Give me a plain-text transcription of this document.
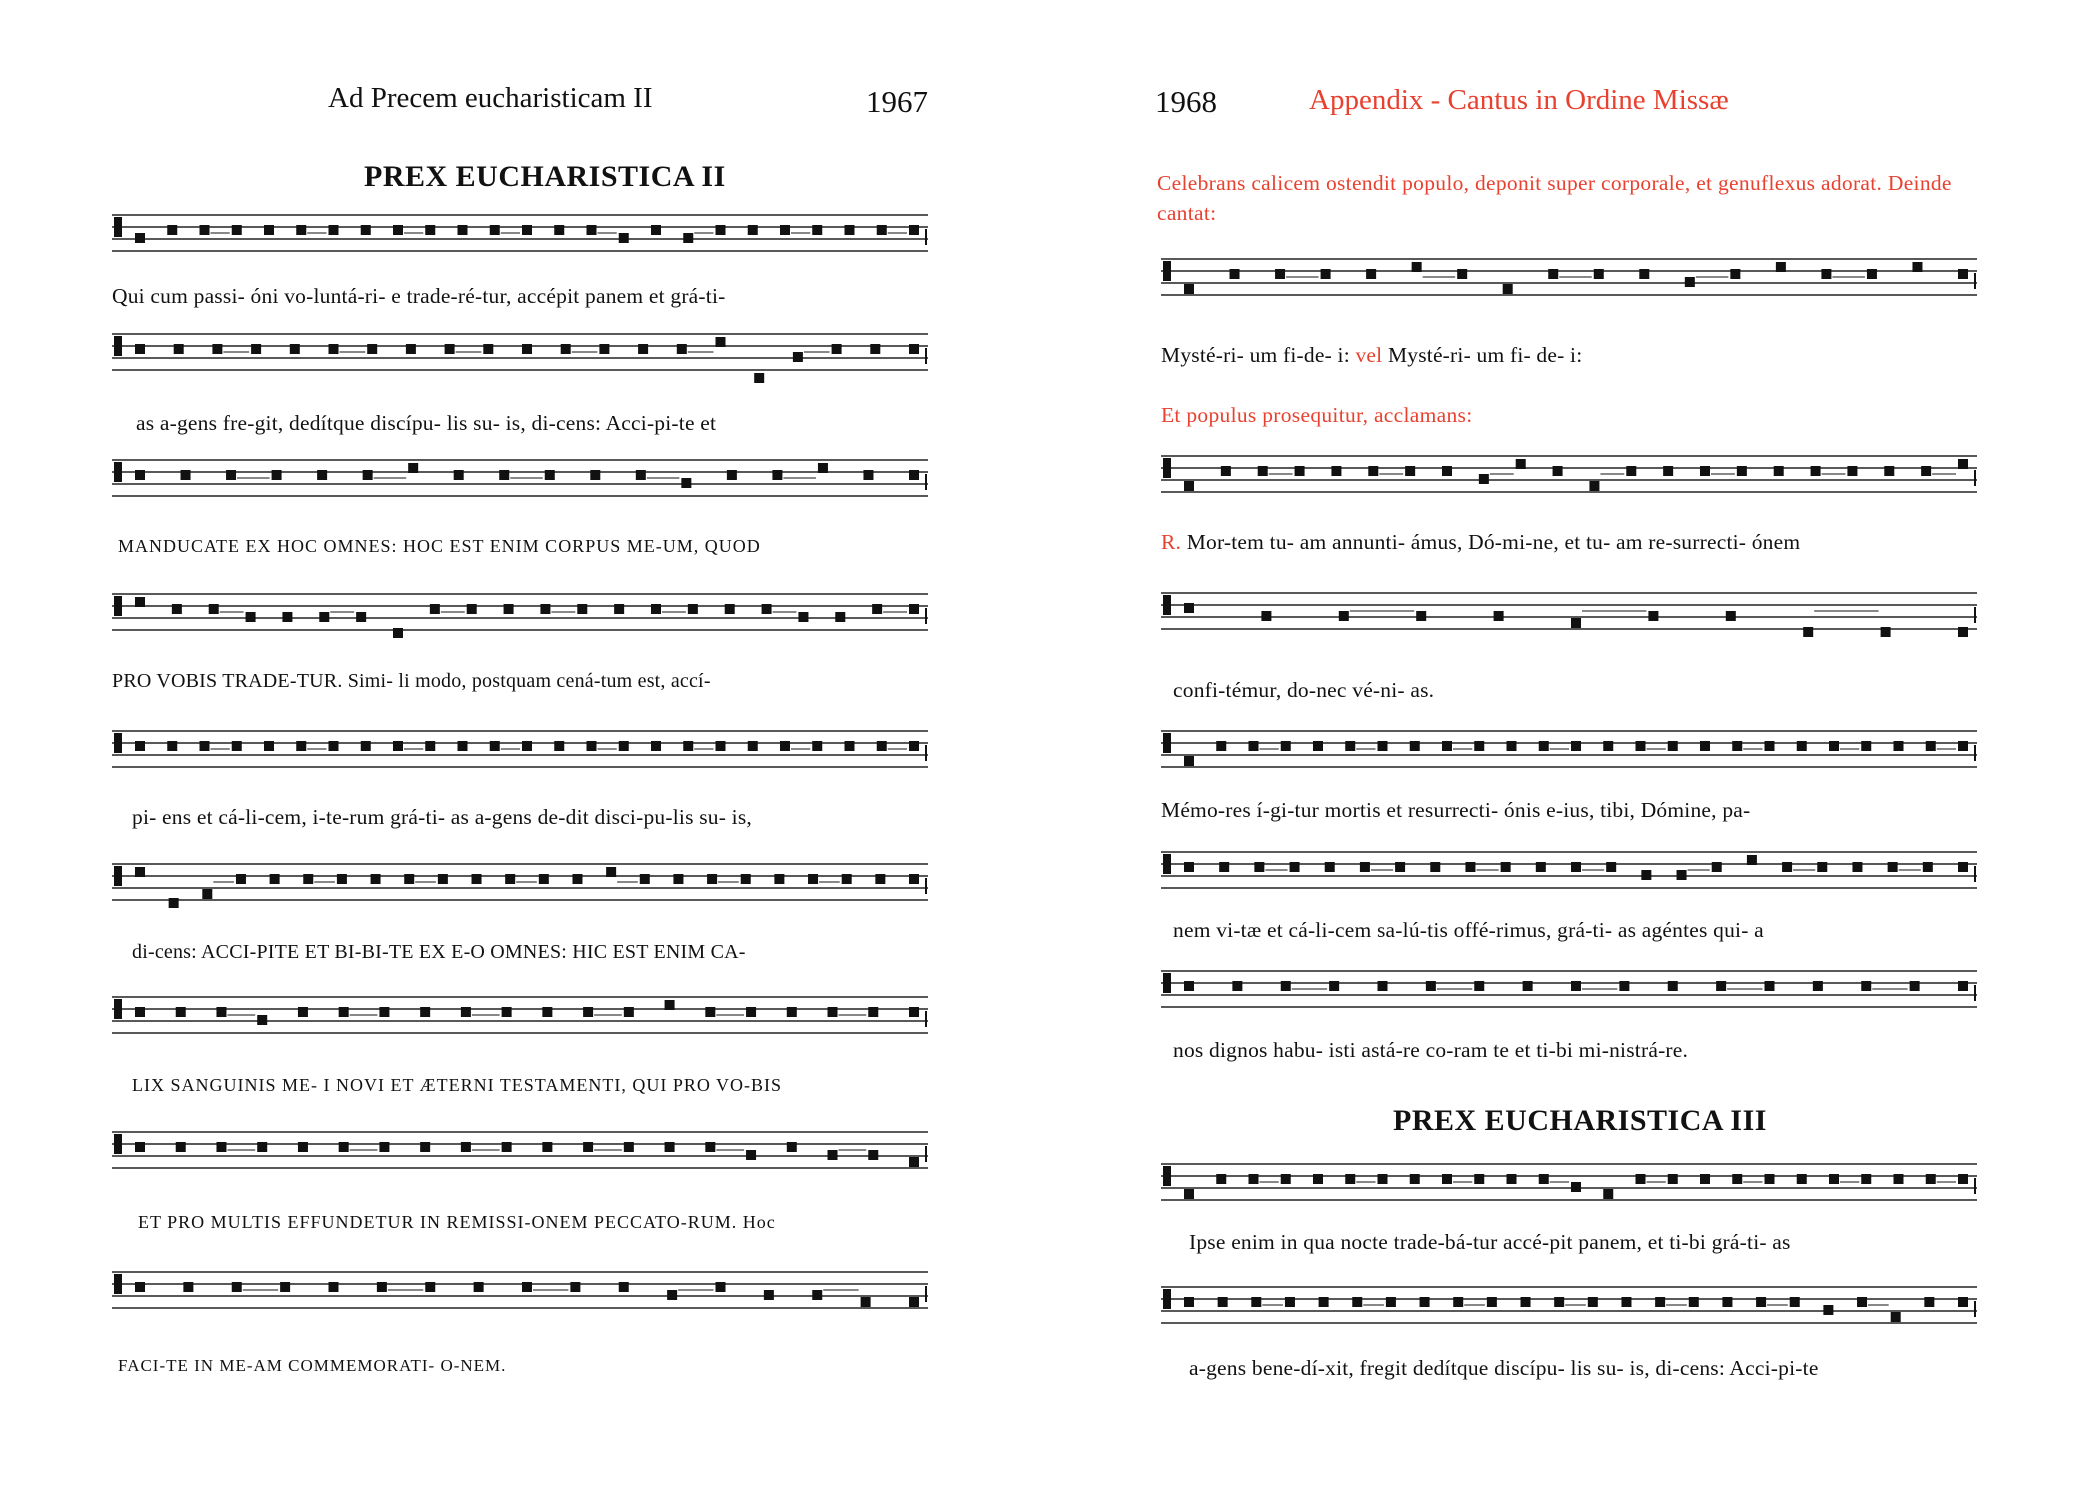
Ad Precem eucharisticam II	1967
PREX EUCHARISTICA II
Qui cum passi- óni vo-luntá-ri- e trade-ré-tur, accépit panem et grá-ti-
as a-gens fre-git, dedítque discípu- lis su- is, di-cens: Acci-pi-te et
MANDUCATE EX HOC OMNES: HOC EST ENIM CORPUS ME-UM, QUOD
PRO VOBIS TRADE-TUR. Simi- li modo, postquam cená-tum est, accí-
pi- ens et cá-li-cem, i-te-rum grá-ti- as a-gens de-dit disci-pu-lis su- is,
di-cens: ACCI-PITE ET BI-BI-TE EX E-O OMNES: HIC EST ENIM CA-
LIX SANGUINIS ME- I NOVI ET ÆTERNI TESTAMENTI, QUI PRO VO-BIS
ET PRO MULTIS EFFUNDETUR IN REMISSI-ONEM PECCATO-RUM. Hoc
FACI-TE IN ME-AM COMMEMORATI- O-NEM.
1968	Appendix - Cantus in Ordine Missæ
Celebrans calicem ostendit populo, deponit super corporale, et genuflexus adorat. Deinde cantat:
Mysté-ri- um fi-de- i: vel Mysté-ri- um fi- de- i:
Et populus prosequitur, acclamans:
R. Mor-tem tu- am annunti- ámus, Dó-mi-ne, et tu- am re-surrecti- ónem
confi-témur, do-nec vé-ni- as.
Mémo-res í-gi-tur mortis et resurrecti- ónis e-ius, tibi, Dómine, pa-
nem vi-tæ et cá-li-cem sa-lú-tis offé-rimus, grá-ti- as agéntes qui- a
nos dignos habu- isti astá-re co-ram te et ti-bi mi-nistrá-re.
PREX EUCHARISTICA III
Ipse enim in qua nocte trade-bá-tur accé-pit panem, et ti-bi grá-ti- as
a-gens bene-dí-xit, fregit dedítque discípu- lis su- is, di-cens: Acci-pi-te
